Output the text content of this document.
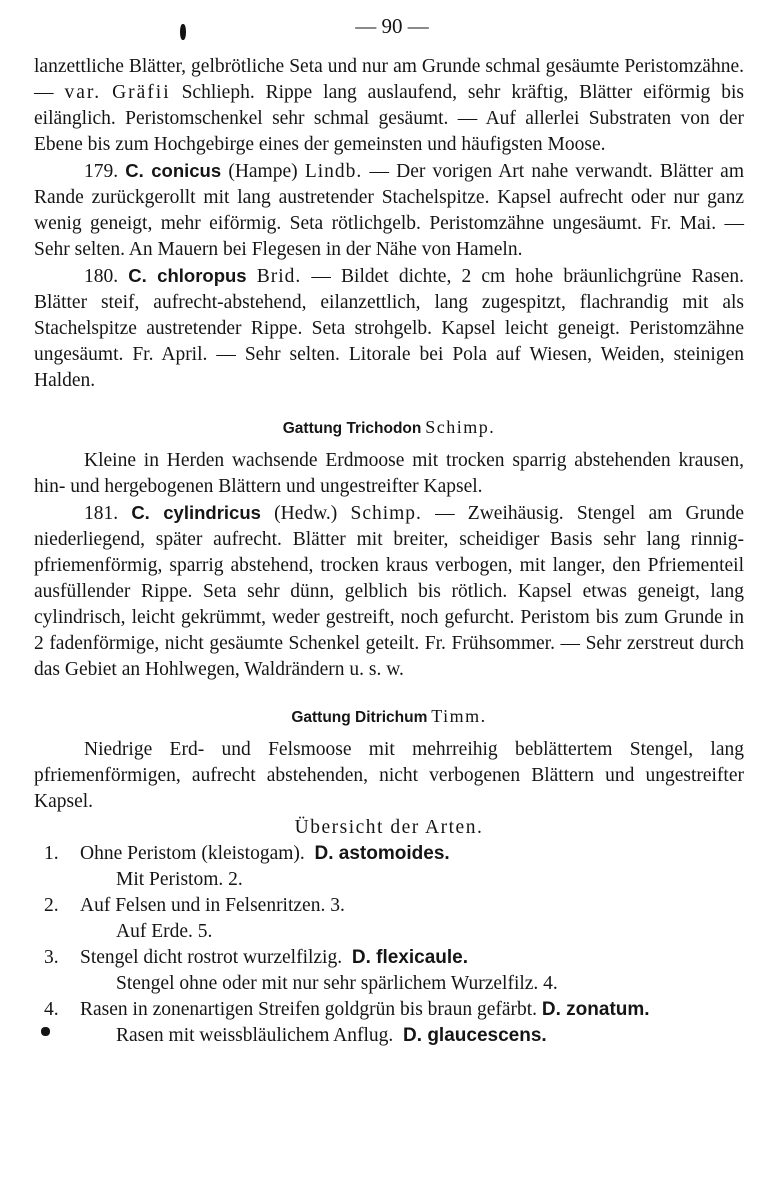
— 90 —

lanzettliche Blätter, gelbrötliche Seta und nur am Grunde schmal gesäumte Peristomzähne. — var. Gräfii Schlieph. Rippe lang auslaufend, sehr kräftig, Blätter eiförmig bis eilänglich. Peristomschenkel sehr schmal gesäumt. — Auf allerlei Substraten von der Ebene bis zum Hochgebirge eines der gemeinsten und häufigsten Moose.

179. C. conicus (Hampe) Lindb. — Der vorigen Art nahe verwandt. Blätter am Rande zurückgerollt mit lang austretender Stachelspitze. Kapsel aufrecht oder nur ganz wenig geneigt, mehr eiförmig. Seta rötlichgelb. Peristomzähne ungesäumt. Fr. Mai. — Sehr selten. An Mauern bei Flegesen in der Nähe von Hameln.

180. C. chloropus Brid. — Bildet dichte, 2 cm hohe bräunlichgrüne Rasen. Blätter steif, aufrecht-abstehend, eilanzettlich, lang zugespitzt, flachrandig mit als Stachelspitze austretender Rippe. Seta strohgelb. Kapsel leicht geneigt. Peristomzähne ungesäumt. Fr. April. — Sehr selten. Litorale bei Pola auf Wiesen, Weiden, steinigen Halden.

Gattung Trichodon Schimp.

Kleine in Herden wachsende Erdmoose mit trocken sparrig abstehenden krausen, hin- und hergebogenen Blättern und ungestreifter Kapsel.

181. C. cylindricus (Hedw.) Schimp. — Zweihäusig. Stengel am Grunde niederliegend, später aufrecht. Blätter mit breiter, scheidiger Basis sehr lang rinnig-pfriemenförmig, sparrig abstehend, trocken kraus verbogen, mit langer, den Pfriementeil ausfüllender Rippe. Seta sehr dünn, gelblich bis rötlich. Kapsel etwas geneigt, lang cylindrisch, leicht gekrümmt, weder gestreift, noch gefurcht. Peristom bis zum Grunde in 2 fadenförmige, nicht gesäumte Schenkel geteilt. Fr. Frühsommer. — Sehr zerstreut durch das Gebiet an Hohlwegen, Waldrändern u. s. w.

Gattung Ditrichum Timm.

Niedrige Erd- und Felsmoose mit mehrreihig beblättertem Stengel, lang pfriemenförmigen, aufrecht abstehenden, nicht verbogenen Blättern und ungestreifter Kapsel.

Übersicht der Arten.

1.	Ohne Peristom (kleistogam). D. astomoides.
Mit Peristom. 2.
2.	Auf Felsen und in Felsenritzen. 3.
Auf Erde. 5.
3.	Stengel dicht rostrot wurzelfilzig. D. flexicaule.
Stengel ohne oder mit nur sehr spärlichem Wurzelfilz. 4.
4.	Rasen in zonenartigen Streifen goldgrün bis braun gefärbt. D. zonatum.
Rasen mit weissbläulichem Anflug. D. glaucescens.
